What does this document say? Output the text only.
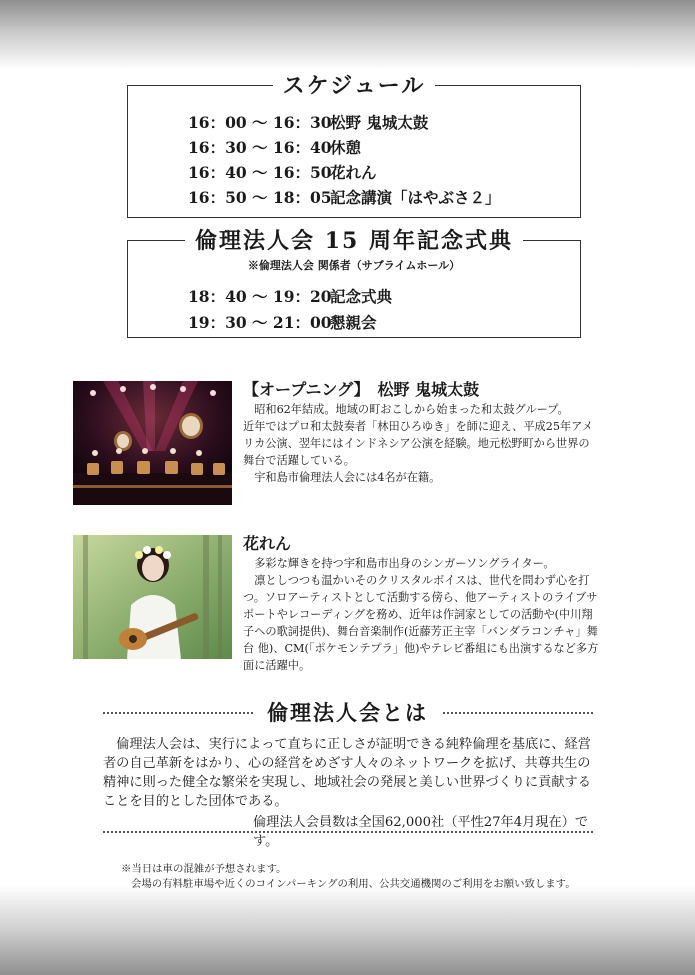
スケジュール
16：00 ～ 16：30松野 鬼城太鼓
16：30 ～ 16：40休憩
16：40 ～ 16：50花れん
16：50 ～ 18：05記念講演「はやぶさ２」
倫理法人会 15 周年記念式典
※倫理法人会 関係者（サブライムホール）
18：40 ～ 19：20記念式典
19：30 ～ 21：00懇親会
【オープニング】　松野 鬼城太鼓

昭和62年結成。地域の町おこしから始まった和太鼓グループ。

近年ではプロ和太鼓奏者「林田ひろゆき」を師に迎え、平成25年アメリカ公演、翌年にはインドネシア公演を経験。地元松野町から世界の舞台で活躍している。

宇和島市倫理法人会には4名が在籍。

花れん

多彩な輝きを持つ宇和島市出身のシンガーソングライター。

凛としつつも温かいそのクリスタルボイスは、世代を問わず心を打つ。ソロアーティストとして活動する傍ら、他アーティストのライブサポートやレコーディングを務め、近年は作詞家としての活動や(中川翔子への歌詞提供)、舞台音楽制作(近藤芳正主宰「バンダラコンチャ」舞台 他)、CM(「ポケモンテプラ」他)やテレビ番組にも出演するなど多方面に活躍中。

倫理法人会とは

　倫理法人会は、実行によって直ちに正しさが証明できる純粋倫理を基底に、経営者の自己革新をはかり、心の経営をめざす人々のネットワークを拡げ、共尊共生の精神に則った健全な繁栄を実現し、地域社会の発展と美しい世界づくりに貢献することを目的とした団体である。

倫理法人会員数は全国62,000社（平性27年4月現在）です。

※当日は車の混雑が予想されます。
会場の有料駐車場や近くのコインパーキングの利用、公共交通機関のご利用をお願い致します。
